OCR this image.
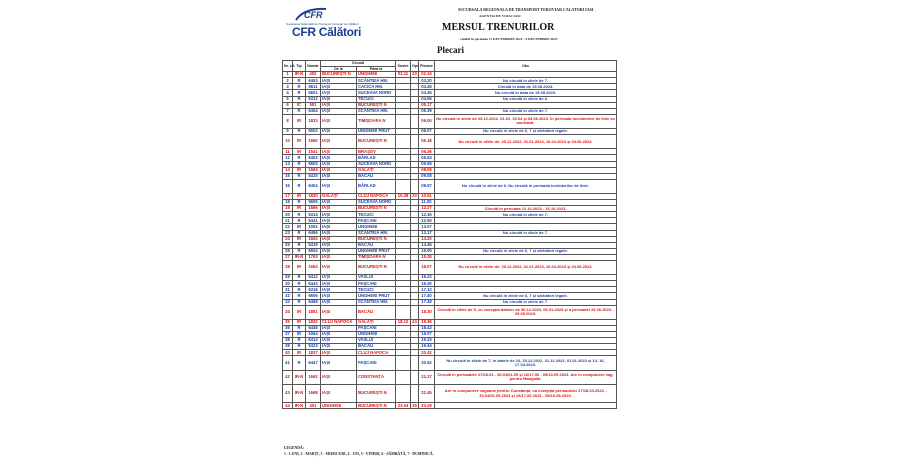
CFR
Societatea Națională de Transport Feroviar de Călători
CFR Călători
SUCURSALA REGIONALA DE TRANSPORT FEROVIAR CALATORI IASI
AGENTIA DE VOIAJ IASI
MERSUL TRENURILOR
valabil în perioada 11 DECEMBRIE 2022 - 9 DECEMBRIE 2023
Plecari
Nr. crt.	Tip	Număr	Circulă		Sosire	Opr.	Plecare	Obs
			De la	Până la				
1	IR-N	402	BUCUREȘTI N	UNGHENI	02.11	23	02.34	
2	R	6453	IAȘI	SCÂNTEIA HM.			03.20	Nu circulă în zilele de 7.
3	R	5611	IAȘI	CACICA HM.			04.45	Circulă în data de 15.08.2023.
4	R	5601	IAȘI	SUCEAVA NORD			04.45	Nu circulă în data de 15.08.2023.
5	R	6312	IAȘI	TECUCI			04.55	Nu circulă în zilele de 6.
6	IC	551	IAȘI	BUCUREȘTI N			05.17	
7	R	6454	IAȘI	SCÂNTEIA HM.			05.39	Nu circulă în zilele de 7.
8	IR	1833	IAȘI	TIMIȘOARA N			06.00	Nu circulă în zilele de 25.12.2022, 01.01, 16.04 și 04.06.2023. În perioada închiderilor de linie se anulează.
9	R	6502	IAȘI	UNGHENI PRUT			06.07	Nu circulă în zilele de 6, 7 și sărbători legale.
10	IR	1660	IAȘI	BUCUREȘTI N			06.18	Nu circulă în zilele de: 25.12.2022, 01.01.2023, 16.04.2023 și 04.06.2023.
11	IR	1541	IAȘI	BRAȘOV			06.36	
12	R	6402	IAȘI	BÂRLAD			06.53	
13	R	5603	IAȘI	SUCEAVA NORD			06.55	
14	IR	1664	IAȘI	GALAȚI			08.09	
15	R	5415	IAȘI	BACĂU			09.08	
16	R	6404	IAȘI	BÂRLAD			09.57	Nu circulă în zilele de 6. Nu circulă în perioada închiderilor de linie.
17	IR	1830	GALAȚI	CLUJ NAPOCA	10.28	23	10.51	
18	R	5605	IAȘI	SUCEAVA NORD			11.00	
19	IR	1666	IAȘI	BUCUREȘTI N			12.27	Circulă în perioada 12.10.2023 - 16.10.2023.
20	R	6314	IAȘI	TECUCI			12.35	Nu circulă în zilele de 7.
21	R	6441	IAȘI	PAȘCANI			12.50	
22	IR	1062	IAȘI	UNGHENI			13.07	
23	R	6456	IAȘI	SCÂNTEIA HM.			13.17	Nu circulă în zilele de 7.
24	IR	1662	IAȘI	BUCUREȘTI N			14.20	
25	R	5419	IAȘI	BACĂU			14.45	
26	R	6504	IAȘI	UNGHENI PRUT			15.00	Nu circulă în zilele de 6, 7 și sărbători legale.
27	IR-N	1763	IAȘI	TIMIȘOARA N			15.35	
28	IR	1664	IAȘI	BUCUREȘTI N			16.07	Nu circulă în zilele de: 25.12.2022, 01.01.2023, 16.04.2023 și 04.06.2023.
29	R	6412	IAȘI	VASLUI			16.22	
30	R	6443	IAȘI	PAȘCANI			16.30	
31	R	6316	IAȘI	TECUCI			17.12	
32	R	6506	IAȘI	UNGHENI PRUT			17.40	Nu circulă în zilele de 6, 7 și sărbători legale.
33	R	6458	IAȘI	SCÂNTEIA HM.			17.49	Nu circulă în zilele de 7.
34	IR	1851	IAȘI	BACĂU			18.30	Circulă în zilele de 5, cu excepția datelor de 30.12.2022, 06.01.2023 și a perioadei 23.06.2023 - 29.09.2023.
35	IR	1832	CLUJ NAPOCA	GALAȚI	18.12	24	18.36	
36	R	6445	IAȘI	PAȘCANI			18.43	
37	IR	1064	IAȘI	UNGHENI			19.07	
38	R	6414	IAȘI	VASLUI			19.33	
39	R	5423	IAȘI	BACĂU			19.44	
40	IR	1837	IAȘI	CLUJ NAPOCA			20.42	
41	R	6447	IAȘI	PAȘCANI			20.52	Nu circulă în zilele de 7, în datele de 24, 25.12.2022, 31.12.2022, 01.01.2023 și 14, 16, 17.04.2023.
42	IR-N	1662	IAȘI	CONSTANȚA			21.27	Circulă în perioadele 27/28.04 - 30.04/01.05 și 16/17.06 - 09/10.09.2023. Are în compunere vag. pentru Mangalia.
43	IR-N	1668	IAȘI	BUCUREȘTI N			22.45	Are în compunere vagoane pentru Constanța, cu excepția perioadelor 27/28.04.2023 - 30.04/01.05.2023 și 16/17.06.2023 - 09/10.09.2023.
44	IR-N	401	UNGHENI	BUCUREȘTI N	23.04	25	23.29	
LEGENDĂ:
1 - LUNI, 2 - MARȚI, 3 - MIERCURI, 4 - JOI, 5 - VINERI, 6 - SÂMBĂTĂ, 7 - DUMINICĂ.
